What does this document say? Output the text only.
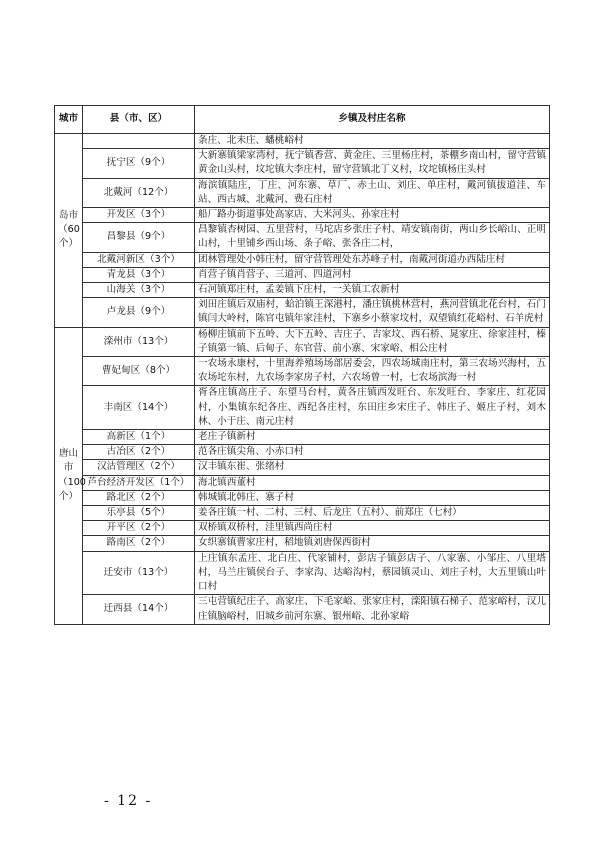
城市	县（市、区）	乡镇及村庄名称
岛市（60个）		条庄、北未庄、蟠桃峪村
	抚宁区（9个）	大新寨镇梁家湾村，抚宁镇香营、黄金庄、三里杨庄村，茶棚乡南山村，留守营镇黄金山头村，坟坨镇大李庄村，留守营镇北丁义村，坟坨镇杨庄头村
	北戴河（12个）	海滨镇陆庄，丁庄、河东寨、草厂、赤土山、刘庄、单庄村，戴河镇拔道洼、车站、西古城、北戴河、费石庄村
	开发区（3个）	船厂路办街道事处高家店、大米河头、孙家庄村
	昌黎县（9个）	昌黎镇杏树园、五里营村，马坨店乡张庄子村、靖安镇南街，两山乡长峪山、正明山村，十里铺乡西山场、条子峪、张各庄二村，
	北戴河新区（3个）	团林管理处小韩庄村，留守营管理处东苏峰子村，南戴河街道办西陆庄村
	青龙县（3个）	肖营子镇肖营子、三道河、四道河村
	山海关（3个）	石河镇郑庄村，孟姜镇下庄村，一关镇工农新村
	卢龙县（9个）	刘田庄镇后双庙村，蛤泊镇王深港村，潘庄镇桃林营村，燕河营镇北花台村，石门镇闫大岭村，陈官屯镇年家洼村，下寨乡小蔡家坟村，双望镇红花峪村、石羊虎村
唐山市（100个）	滦州市（13个）	杨柳庄镇前下五岭、大下五岭、吉庄子、吉家坟、西石桥、晁家庄、徐家洼村，榛子镇第一镇、后甸子、东官营、前小寨、宋家峪、相公庄村
	曹妃甸区（8个）	一农场永康村，十里海养殖场场部居委会，四农场城南庄村，第三农场兴海村，五农场坨东村，九农场李家房子村，六农场曾一村，七农场滨海一村
	丰南区（14个）	胥各庄镇高庄子、东望马台村，黄各庄镇西发旺台、东发旺台、李家庄、红花园村，小集镇东纪各庄、西纪各庄村，东田庄乡宋庄子、韩庄子、姬庄子村，刘木林、小于庄、南元庄村
	高新区（1个）	老庄子镇新村
	古冶区（2个）	范各庄镇尖角、小赤口村
	汉沽管理区（2个）	汉丰镇东崔、张绪村
	芦台经济开发区（1个）	海北镇西董村
	路北区（2个）	韩城镇北韩庄、寨子村
	乐亭县（5个）	姜各庄镇一村、二村、三村、后龙庄（五村）、前郑庄（七村）
	开平区（2个）	双桥镇双桥村，洼里镇西尚庄村
	路南区（2个）	女织寨镇曹家庄村，稻地镇刘唐保西街村
	迁安市（13个）	上庄镇东孟庄、北白庄、代家铺村，彭店子镇彭店子、八家寨、小邹庄、八里塔村，马兰庄镇侯台子、李家沟、达峪沟村，蔡园镇灵山、刘庄子村，大五里镇山叶口村
	迁西县（14个）	三屯营镇纪庄子、高家庄、下毛家峪、张家庄村，滦阳镇石梯子、范家峪村，汉儿庄镇脑峪村，旧城乡前河东寨、银州峪、北孙家峪
- 12 -
